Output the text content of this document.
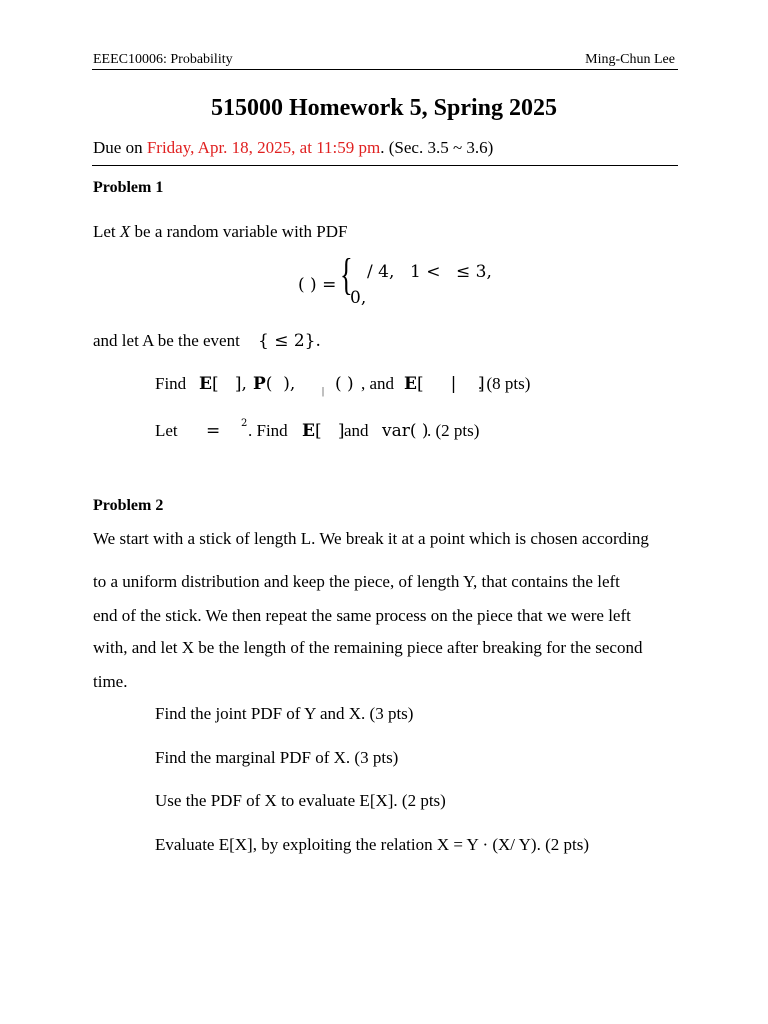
EEEC10006: Probability	Ming-Chun Lee
515000 Homework 5, Spring 2025
Due on Friday, Apr. 18, 2025, at 11:59 pm. (Sec. 3.5 ~ 3.6)
Problem 1
Let X be a random variable with PDF
( ) = { / 4, 1 < ≤ 3,
0,
and let A be the event { ≤ 2}.
Find E[   ], P(  ), ( )
| , and E[     |    ]
. (8 pts)
Let = 2 . Find E[   ] and var( )
. (2 pts)
Problem 2
We start with a stick of length L. We break it at a point which is chosen according
to a uniform distribution and keep the piece, of length Y, that contains the left
end of the stick. We then repeat the same process on the piece that we were left
with, and let X be the length of the remaining piece after breaking for the second
time.
Find the joint PDF of Y and X. (3 pts)
Find the marginal PDF of X. (3 pts)
Use the PDF of X to evaluate E[X]. (2 pts)
Evaluate E[X], by exploiting the relation X = Y · (X/ Y). (2 pts)
